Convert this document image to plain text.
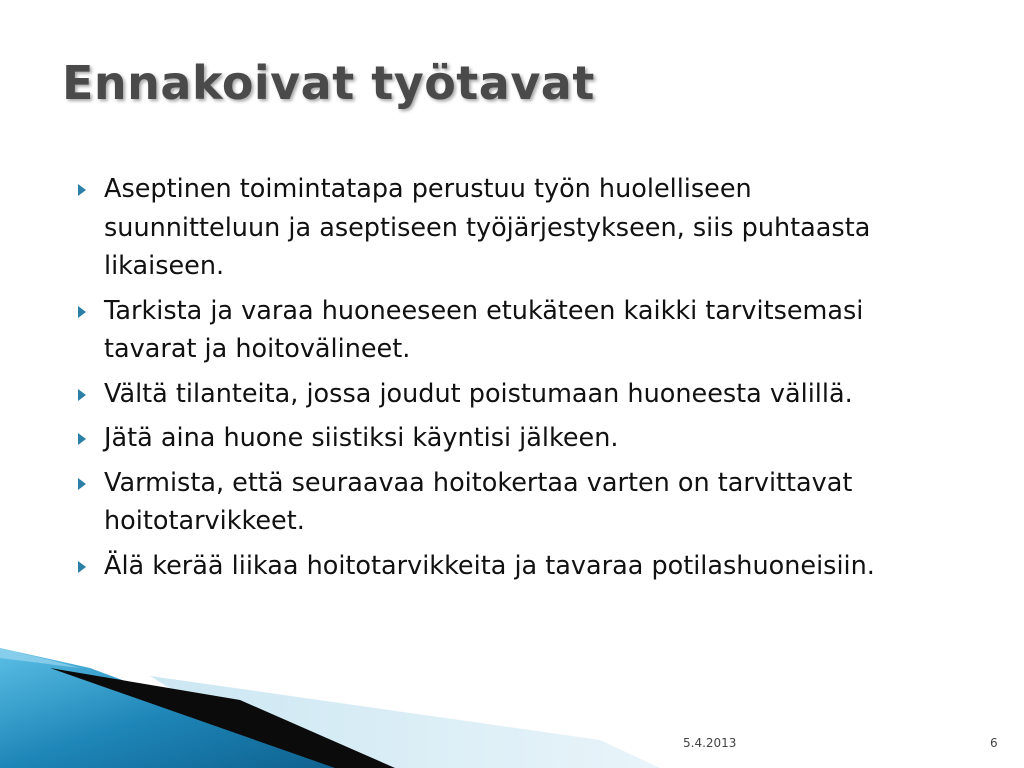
Ennakoivat työtavat
Aseptinen toimintatapa perustuu työn huolelliseen suunnitteluun ja aseptiseen työjärjestykseen, siis puhtaasta likaiseen.
Tarkista ja varaa huoneeseen etukäteen kaikki tarvitsemasi tavarat ja hoitovälineet.
Vältä tilanteita, jossa joudut poistumaan huoneesta välillä.
Jätä aina huone siistiksi käyntisi jälkeen.
Varmista, että seuraavaa hoitokertaa varten on tarvittavat hoitotarvikkeet.
Älä kerää liikaa hoitotarvikkeita ja tavaraa potilashuoneisiin.
5.4.2013	6
